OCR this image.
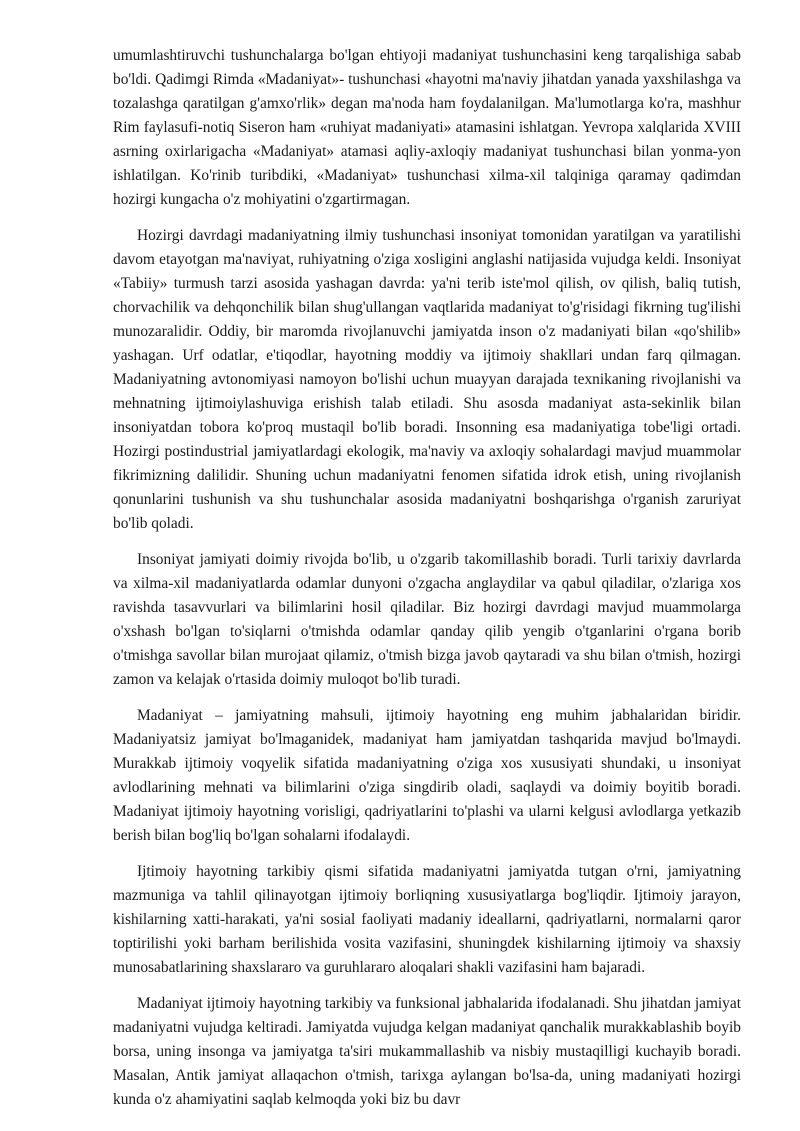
umumlashtiruvchi tushunchalarga bo'lgan ehtiyoji madaniyat tushunchasini keng tarqalishiga sabab bo'ldi. Qadimgi Rimda «Madaniyat»- tushunchasi «hayotni ma'naviy jihatdan yanada yaxshilashga va tozalashga qaratilgan g'amxo'rlik» degan ma'noda ham foydalanilgan. Ma'lumotlarga ko'ra, mashhur Rim faylasufi-notiq Siseron ham «ruhiyat madaniyati» atamasini ishlatgan. Yevropa xalqlarida XVIII asrning oxirlarigacha «Madaniyat» atamasi aqliy-axloqiy madaniyat tushunchasi bilan yonma-yon ishlatilgan. Ko'rinib turibdiki, «Madaniyat» tushunchasi xilma-xil talqiniga qaramay qadimdan hozirgi kungacha o'z mohiyatini o'zgartirmagan.

Hozirgi davrdagi madaniyatning ilmiy tushunchasi insoniyat tomonidan yaratilgan va yaratilishi davom etayotgan ma'naviyat, ruhiyatning o'ziga xosligini anglashi natijasida vujudga keldi. Insoniyat «Tabiiy» turmush tarzi asosida yashagan davrda: ya'ni terib iste'mol qilish, ov qilish, baliq tutish, chorvachilik va dehqonchilik bilan shug'ullangan vaqtlarida madaniyat to'g'risidagi fikrning tug'ilishi munozaralidir. Oddiy, bir maromda rivojlanuvchi jamiyatda inson o'z madaniyati bilan «qo'shilib» yashagan. Urf odatlar, e'tiqodlar, hayotning moddiy va ijtimoiy shakllari undan farq qilmagan. Madaniyatning avtonomiyasi namoyon bo'lishi uchun muayyan darajada texnikaning rivojlanishi va mehnatning ijtimoiylashuviga erishish talab etiladi. Shu asosda madaniyat asta-sekinlik bilan insoniyatdan tobora ko'proq mustaqil bo'lib boradi. Insonning esa madaniyatiga tobe'ligi ortadi. Hozirgi postindustrial jamiyatlardagi ekologik, ma'naviy va axloqiy sohalardagi mavjud muammolar fikrimizning dalilidir. Shuning uchun madaniyatni fenomen sifatida idrok etish, uning rivojlanish qonunlarini tushunish va shu tushunchalar asosida madaniyatni boshqarishga o'rganish zaruriyat bo'lib qoladi.

Insoniyat jamiyati doimiy rivojda bo'lib, u o'zgarib takomillashib boradi. Turli tarixiy davrlarda va xilma-xil madaniyatlarda odamlar dunyoni o'zgacha anglaydilar va qabul qiladilar, o'zlariga xos ravishda tasavvurlari va bilimlarini hosil qiladilar. Biz hozirgi davrdagi mavjud muammolarga o'xshash bo'lgan to'siqlarni o'tmishda odamlar qanday qilib yengib o'tganlarini o'rgana borib o'tmishga savollar bilan murojaat qilamiz, o'tmish bizga javob qaytaradi va shu bilan o'tmish, hozirgi zamon va kelajak o'rtasida doimiy muloqot bo'lib turadi.

Madaniyat – jamiyatning mahsuli, ijtimoiy hayotning eng muhim jabhalaridan biridir. Madaniyatsiz jamiyat bo'lmaganidek, madaniyat ham jamiyatdan tashqarida mavjud bo'lmaydi. Murakkab ijtimoiy voqyelik sifatida madaniyatning o'ziga xos xususiyati shundaki, u insoniyat avlodlarining mehnati va bilimlarini o'ziga singdirib oladi, saqlaydi va doimiy boyitib boradi. Madaniyat ijtimoiy hayotning vorisligi, qadriyatlarini to'plashi va ularni kelgusi avlodlarga yetkazib berish bilan bog'liq bo'lgan sohalarni ifodalaydi.

Ijtimoiy hayotning tarkibiy qismi sifatida madaniyatni jamiyatda tutgan o'rni, jamiyatning mazmuniga va tahlil qilinayotgan ijtimoiy borliqning xususiyatlarga bog'liqdir. Ijtimoiy jarayon, kishilarning xatti-harakati, ya'ni sosial faoliyati madaniy ideallarni, qadriyatlarni, normalarni qaror toptirilishi yoki barham berilishida vosita vazifasini, shuningdek kishilarning ijtimoiy va shaxsiy munosabatlarining shaxslararo va guruhlararo aloqalari shakli vazifasini ham bajaradi.

Madaniyat ijtimoiy hayotning tarkibiy va funksional jabhalarida ifodalanadi. Shu jihatdan jamiyat madaniyatni vujudga keltiradi. Jamiyatda vujudga kelgan madaniyat qanchalik murakkablashib boyib borsa, uning insonga va jamiyatga ta'siri mukammallashib va nisbiy mustaqilligi kuchayib boradi. Masalan, Antik jamiyat allaqachon o'tmish, tarixga aylangan bo'lsa-da, uning madaniyati hozirgi kunda o'z ahamiyatini saqlab kelmoqda yoki biz bu davr
